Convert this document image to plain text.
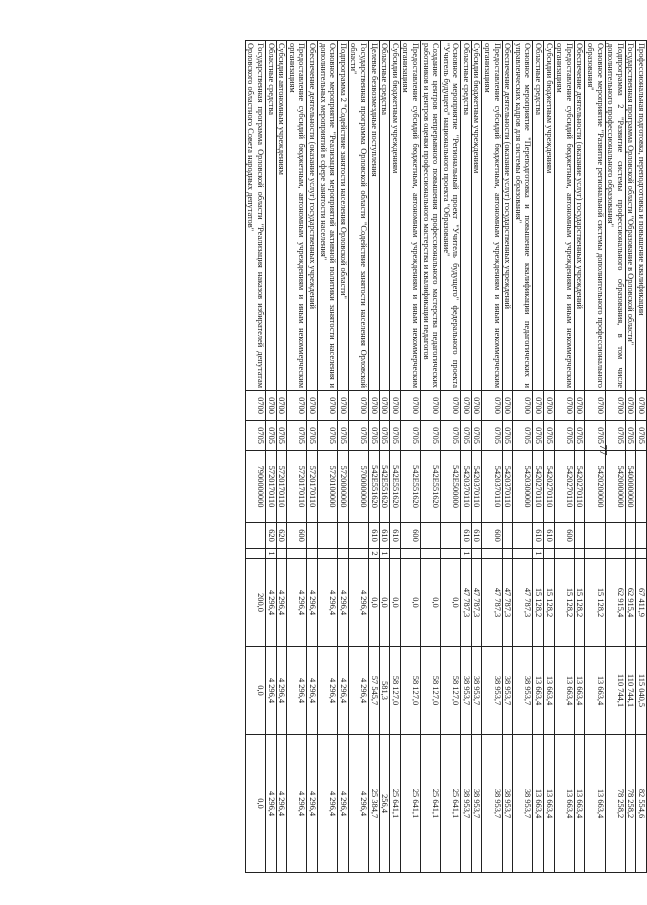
77
Профессиональная подготовка, переподготовка и повышение квалификации	0700	0705				67 411,9	115 040,5	82 554,6
Государственная программа Орловской области "Образование в Орловской области"	0700	0705	5400000000			62 915,4	110 744,1	78 258,2
Подпрограмма 2 "Развитие системы профессионального образования, в том числе дополнительного профессионального образования"	0700	0705	5420000000			62 915,4	110 744,1	78 258,2
Основное мероприятие "Развитие региональной системы дополнительного профессионального образования"	0700	0705	5420200000			15 128,2	13 663,4	13 663,4
Обеспечение деятельности (оказание услуг) государственных учреждений	0700	0705	5420270110			15 128,2	13 663,4	13 663,4
Предоставление субсидий бюджетным, автономным учреждениям и иным некоммерческим организациям	0700	0705	5420270110	600		15 128,2	13 663,4	13 663,4
Субсидии бюджетным учреждениям	0700	0705	5420270110	610		15 128,2	13 663,4	13 663,4
Областные средства	0700	0705	5420270110	610	1	15 128,2	13 663,4	13 663,4
Основное мероприятие "Переподготовка и повышение квалификации педагогических и управленческих кадров для системы образования"	0700	0705	5420300000			47 787,3	38 953,7	38 953,7
Обеспечение деятельности (оказание услуг) государственных учреждений	0700	0705	5420370110			47 787,3	38 953,7	38 953,7
Предоставление субсидий бюджетным, автономным учреждениям и иным некоммерческим организациям	0700	0705	5420370110	600		47 787,3	38 953,7	38 953,7
Субсидии бюджетным учреждениям	0700	0705	5420370110	610		47 787,3	38 953,7	38 953,7
Областные средства	0700	0705	5420370110	610	1	47 787,3	38 953,7	38 953,7
Основное мероприятие "Региональный проект "Учитель будущего" федерального проекта "Учитель будущего" национального проекта "Образование"	0700	0705	542E500000			0,0	58 127,0	25 641,1
Создание центров непрерывного повышения профессионального мастерства педагогических работников и центров оценки профессионального мастерства и квалификации педагогов	0700	0705	542E551620			0,0	58 127,0	25 641,1
Предоставление субсидий бюджетным, автономным учреждениям и иным некоммерческим организациям	0700	0705	542E551620	600		0,0	58 127,0	25 641,1
Субсидии бюджетным учреждениям	0700	0705	542E551620	610		0,0	58 127,0	25 641,1
Областные средства	0700	0705	542E551620	610	1	0,0	581,3	256,4
Целевые безвозмездные поступления	0700	0705	542E551620	610	2	0,0	57 545,7	25 384,7
Государственная программа Орловской области "Содействие занятости населения Орловской области"	0700	0705	5700000000			4 296,4	4 296,4	4 296,4
Подпрограмма 2 "Содействие занятости населения Орловской области"	0700	0705	5720000000			4 296,4	4 296,4	4 296,4
Основное мероприятие "Реализация мероприятий активной политики занятости населения и дополнительных мероприятий в сфере занятости населения"	0700	0705	5720100000			4 296,4	4 296,4	4 296,4
Обеспечение деятельности (оказание услуг) государственных учреждений	0700	0705	5720170110			4 296,4	4 296,4	4 296,4
Предоставление субсидий бюджетным, автономным учреждениям и иным некоммерческим организациям	0700	0705	5720170110	600		4 296,4	4 296,4	4 296,4
Субсидии автономным учреждениям	0700	0705	5720170110	620		4 296,4	4 296,4	4 296,4
Областные средства	0700	0705	5720170110	620	1	4 296,4	4 296,4	4 296,4
Государственная программа Орловской области "Реализация наказов избирателей депутатам Орловского областного Совета народных депутатов"	0700	0705	7900000000			200,0	0,0	0,0
